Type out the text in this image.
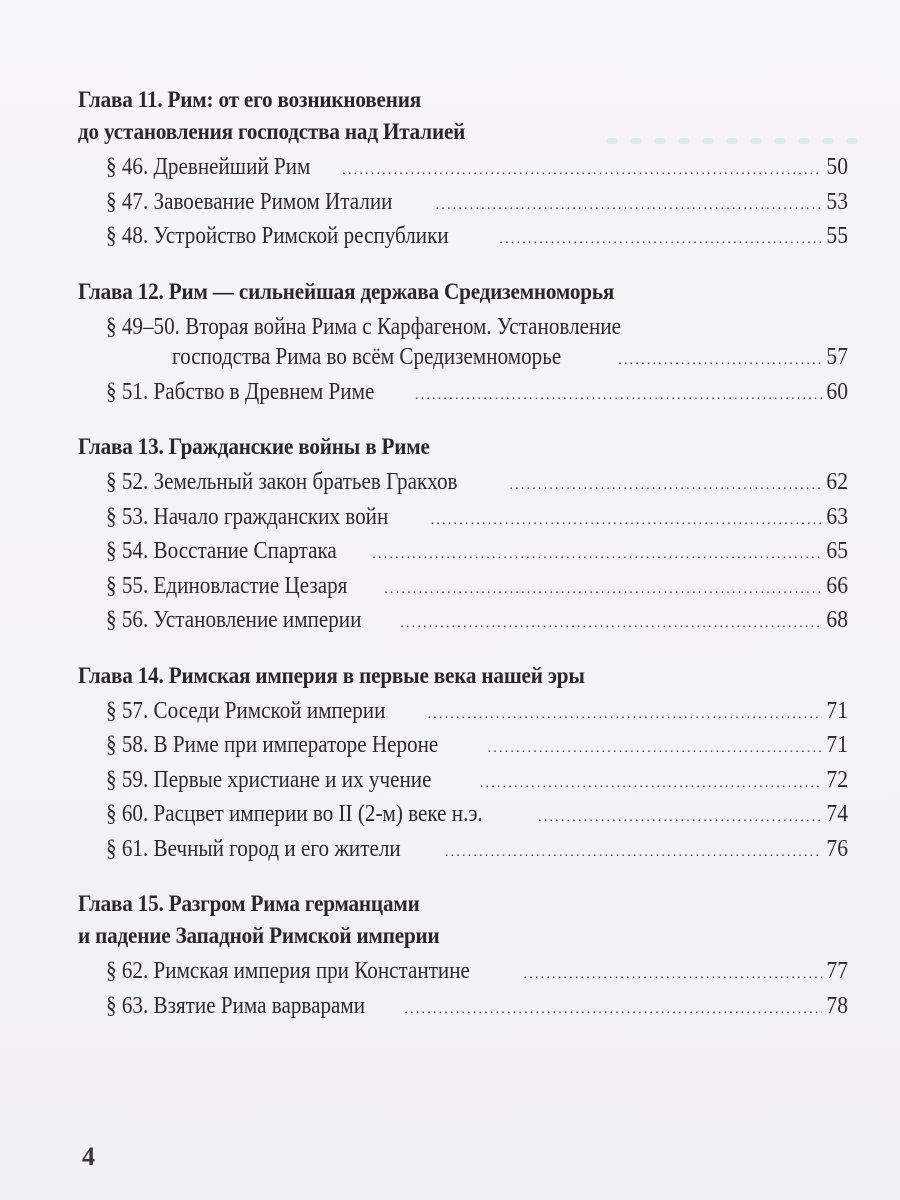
Глава 11. Рим: от его возникновения
до установления господства над Италией
§ 46. Древнейший Рим .....	50
§ 47. Завоевание Римом Италии .....	53
§ 48. Устройство Римской республики .....	55
Глава 12. Рим — сильнейшая держава Средиземноморья
§ 49–50. Вторая война Рима с Карфагеном. Установление
господства Рима во всём Средиземноморье .....	57
§ 51. Рабство в Древнем Риме .....	60
Глава 13. Гражданские войны в Риме
§ 52. Земельный закон братьев Гракхов .....	62
§ 53. Начало гражданских войн .....	63
§ 54. Восстание Спартака .....	65
§ 55. Единовластие Цезаря .....	66
§ 56. Установление империи .....	68
Глава 14. Римская империя в первые века нашей эры
§ 57. Соседи Римской империи .....	71
§ 58. В Риме при императоре Нероне .....	71
§ 59. Первые христиане и их учение .....	72
§ 60. Расцвет империи во II (2-м) веке н.э. .....	74
§ 61. Вечный город и его жители .....	76
Глава 15. Разгром Рима германцами
и падение Западной Римской империи
§ 62. Римская империя при Константине .....	77
§ 63. Взятие Рима варварами .....	78
4
